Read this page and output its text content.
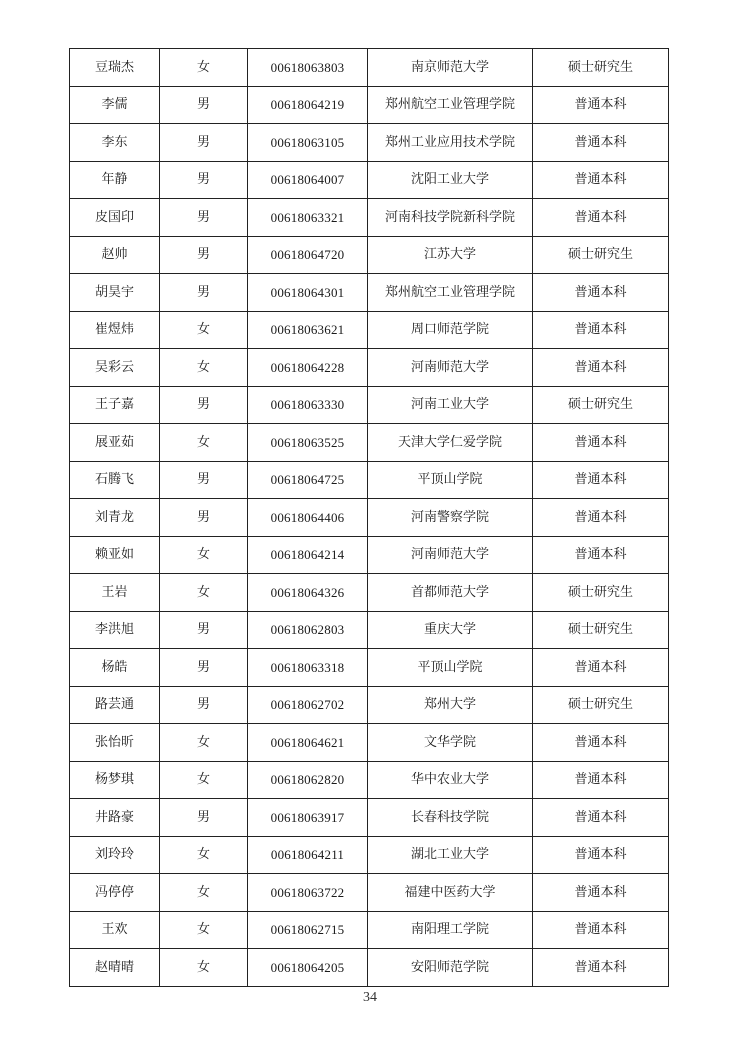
豆瑞杰	女	00618063803	南京师范大学	硕士研究生
李儒	男	00618064219	郑州航空工业管理学院	普通本科
李东	男	00618063105	郑州工业应用技术学院	普通本科
年静	男	00618064007	沈阳工业大学	普通本科
皮国印	男	00618063321	河南科技学院新科学院	普通本科
赵帅	男	00618064720	江苏大学	硕士研究生
胡昊宇	男	00618064301	郑州航空工业管理学院	普通本科
崔煜炜	女	00618063621	周口师范学院	普通本科
吴彩云	女	00618064228	河南师范大学	普通本科
王子嘉	男	00618063330	河南工业大学	硕士研究生
展亚茹	女	00618063525	天津大学仁爱学院	普通本科
石腾飞	男	00618064725	平顶山学院	普通本科
刘青龙	男	00618064406	河南警察学院	普通本科
赖亚如	女	00618064214	河南师范大学	普通本科
王岩	女	00618064326	首都师范大学	硕士研究生
李洪旭	男	00618062803	重庆大学	硕士研究生
杨皓	男	00618063318	平顶山学院	普通本科
路芸通	男	00618062702	郑州大学	硕士研究生
张怡昕	女	00618064621	文华学院	普通本科
杨梦琪	女	00618062820	华中农业大学	普通本科
井路豪	男	00618063917	长春科技学院	普通本科
刘玲玲	女	00618064211	湖北工业大学	普通本科
冯停停	女	00618063722	福建中医药大学	普通本科
王欢	女	00618062715	南阳理工学院	普通本科
赵晴晴	女	00618064205	安阳师范学院	普通本科
34
